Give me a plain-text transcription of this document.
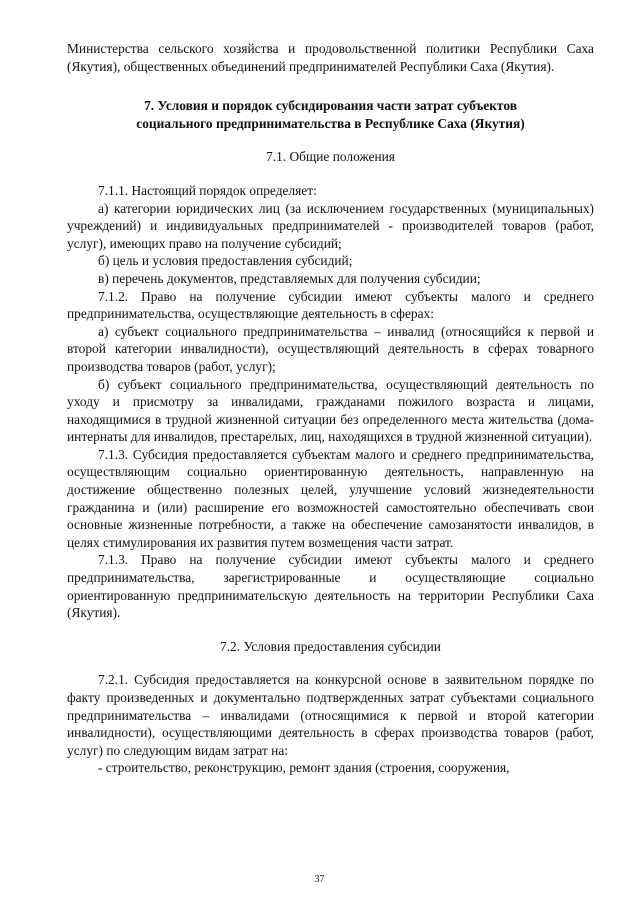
Министерства сельского хозяйства и продовольственной политики Республики Саха (Якутия), общественных объединений предпринимателей Республики Саха (Якутия).

7. Условия и порядок субсидирования части затрат субъектов

социального предпринимательства в Республике Саха (Якутия)

7.1. Общие положения

7.1.1. Настоящий порядок определяет:

а) категории юридических лиц (за исключением государственных (муниципальных) учреждений) и индивидуальных предпринимателей - производителей товаров (работ, услуг), имеющих право на получение субсидий;

б) цель и условия предоставления субсидий;

в) перечень документов, представляемых для получения субсидии;

7.1.2. Право на получение субсидии имеют субъекты малого и среднего предпринимательства, осуществляющие деятельность в сферах:

а) субъект социального предпринимательства – инвалид (относящийся к первой и второй категории инвалидности), осуществляющий деятельность в сферах товарного производства товаров (работ, услуг);

б) субъект социального предпринимательства, осуществляющий деятельность по уходу и присмотру за инвалидами, гражданами пожилого возраста и лицами, находящимися в трудной жизненной ситуации без определенного места жительства (дома-интернаты для инвалидов, престарелых, лиц, находящихся в трудной жизненной ситуации).

7.1.3. Субсидия предоставляется субъектам малого и среднего предпринимательства, осуществляющим социально ориентированную деятельность, направленную на достижение общественно полезных целей, улучшение условий жизнедеятельности гражданина и (или) расширение его возможностей самостоятельно обеспечивать свои основные жизненные потребности, а также на обеспечение самозанятости инвалидов, в целях стимулирования их развития путем возмещения части затрат.

7.1.3. Право на получение субсидии имеют субъекты малого и среднего предпринимательства, зарегистрированные и осуществляющие социально ориентированную предпринимательскую деятельность на территории Республики Саха (Якутия).

7.2. Условия предоставления субсидии

7.2.1. Субсидия предоставляется на конкурсной основе в заявительном порядке по факту произведенных и документально подтвержденных затрат субъектами социального предпринимательства – инвалидами (относящимися к первой и второй категории инвалидности), осуществляющими деятельность в сферах производства товаров (работ, услуг) по следующим видам затрат на:

- строительство, реконструкцию, ремонт здания (строения, сооружения,

37
